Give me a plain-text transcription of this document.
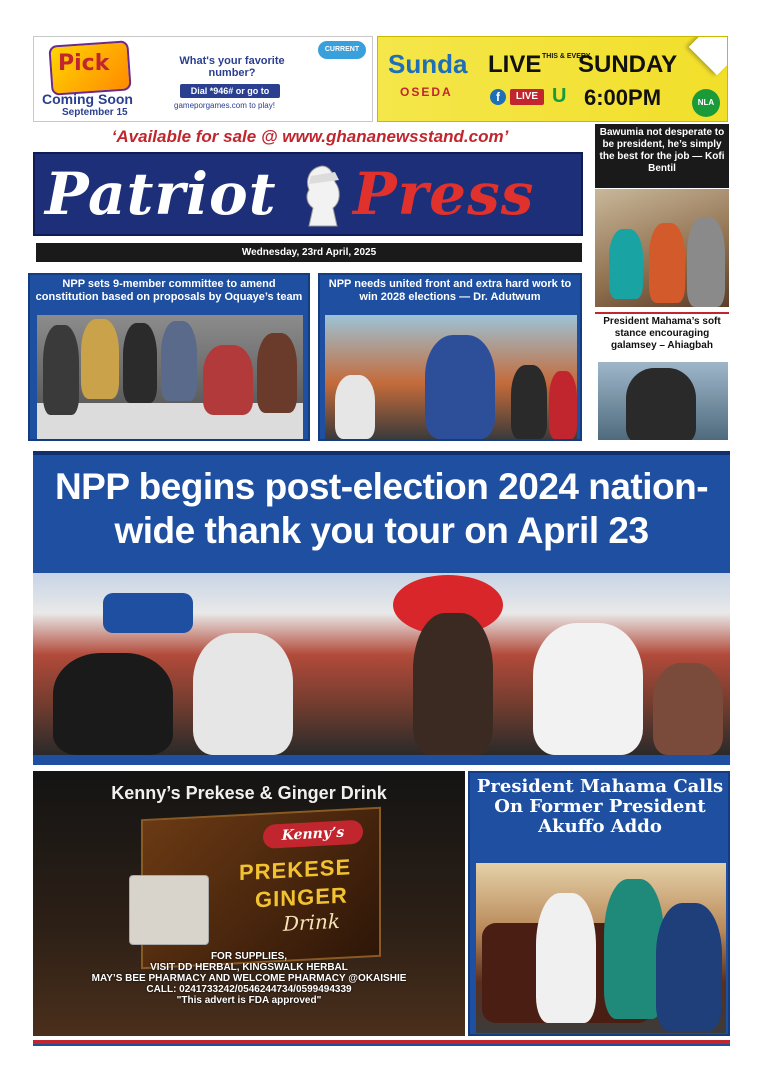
Pick
Coming Soon
September 15
What's your favorite number?
Dial *946# or go to
gameporgames.com to play!
CURRENT PICK	Sunda
OSEDA
LIVE THIS & EVERY
SUNDAY
f	LIVE U 6:00PM	NLA
‘Available for sale @ www.ghananewsstand.com’
Patriot Press
Wednesday, 23rd April, 2025
Bawumia not desperate to be president, he’s simply the best for the job — Kofi Bentil
President Mahama’s soft stance encouraging galamsey – Ahiagbah
NPP sets 9-member committee to amend constitution based on proposals by Oquaye’s team
NPP needs united front and extra hard work to win 2028 elections — Dr. Adutwum
NPP begins post-election 2024 nation-wide thank you tour on April 23
Kenny’s Prekese & Ginger Drink
Kenny’s
PREKESE
GINGER
Drink
FOR SUPPLIES,
VISIT DD HERBAL, KINGSWALK HERBAL
MAY’S BEE PHARMACY AND WELCOME PHARMACY @OKAISHIE
CALL: 0241733242/0546244734/0599494339
"This advert is FDA approved"
President Mahama Calls On Former President Akuffo Addo
